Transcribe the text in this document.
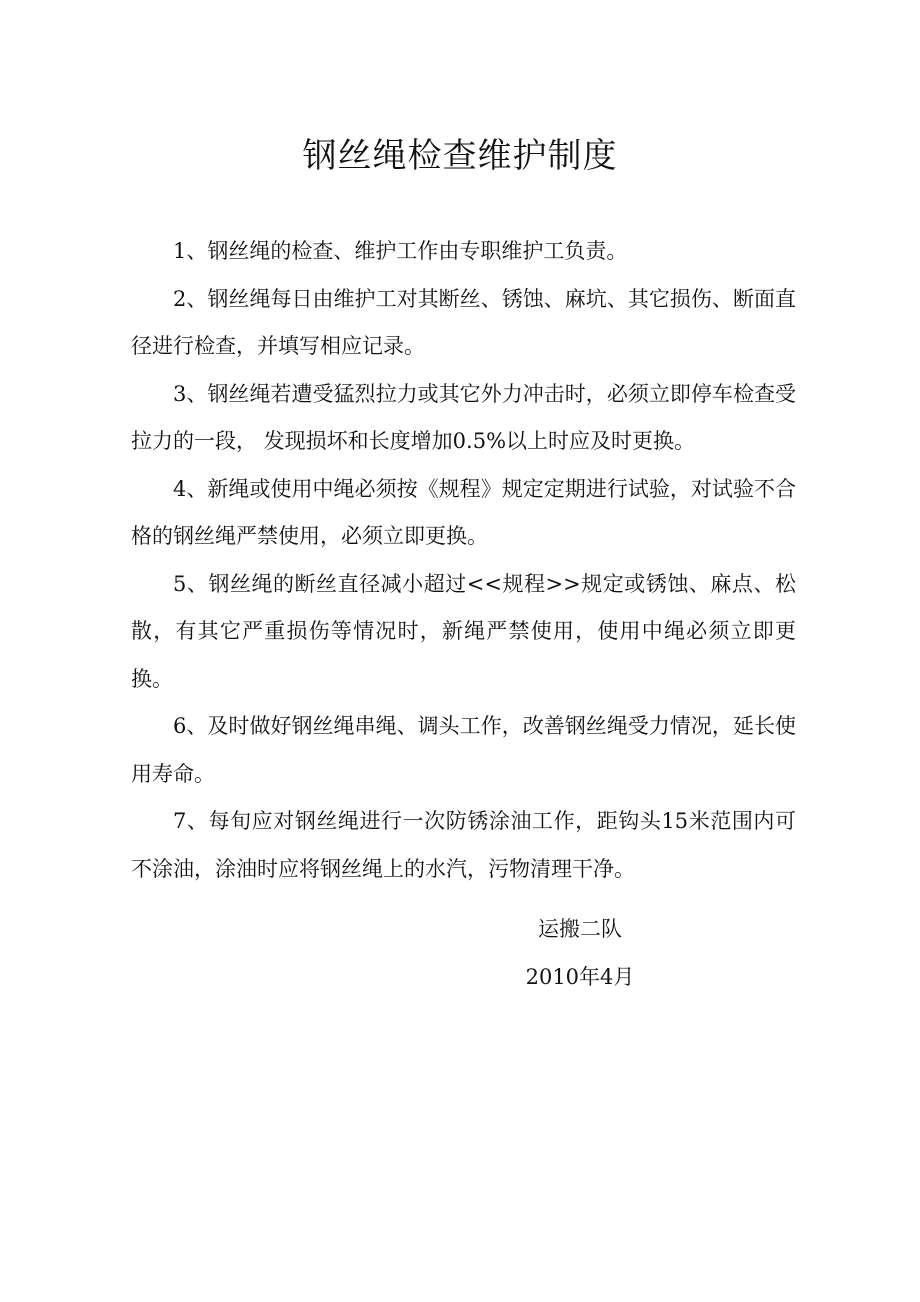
钢丝绳检查维护制度

1、钢丝绳的检查、维护工作由专职维护工负责。

2、钢丝绳每日由维护工对其断丝、锈蚀、麻坑、其它损伤、断面直径进行检查，并填写相应记录。

3、钢丝绳若遭受猛烈拉力或其它外力冲击时，必须立即停车检查受拉力的一段， 发现损坏和长度增加0.5%以上时应及时更换。

4、新绳或使用中绳必须按《规程》规定定期进行试验，对试验不合格的钢丝绳严禁使用，必须立即更换。

5、钢丝绳的断丝直径减小超过<<规程>>规定或锈蚀、麻点、松散，有其它严重损伤等情况时，新绳严禁使用，使用中绳必须立即更换。

6、及时做好钢丝绳串绳、调头工作，改善钢丝绳受力情况，延长使用寿命。

7、每旬应对钢丝绳进行一次防锈涂油工作，距钩头15米范围内可不涂油，涂油时应将钢丝绳上的水汽，污物清理干净。

运搬二队
2010年4月
